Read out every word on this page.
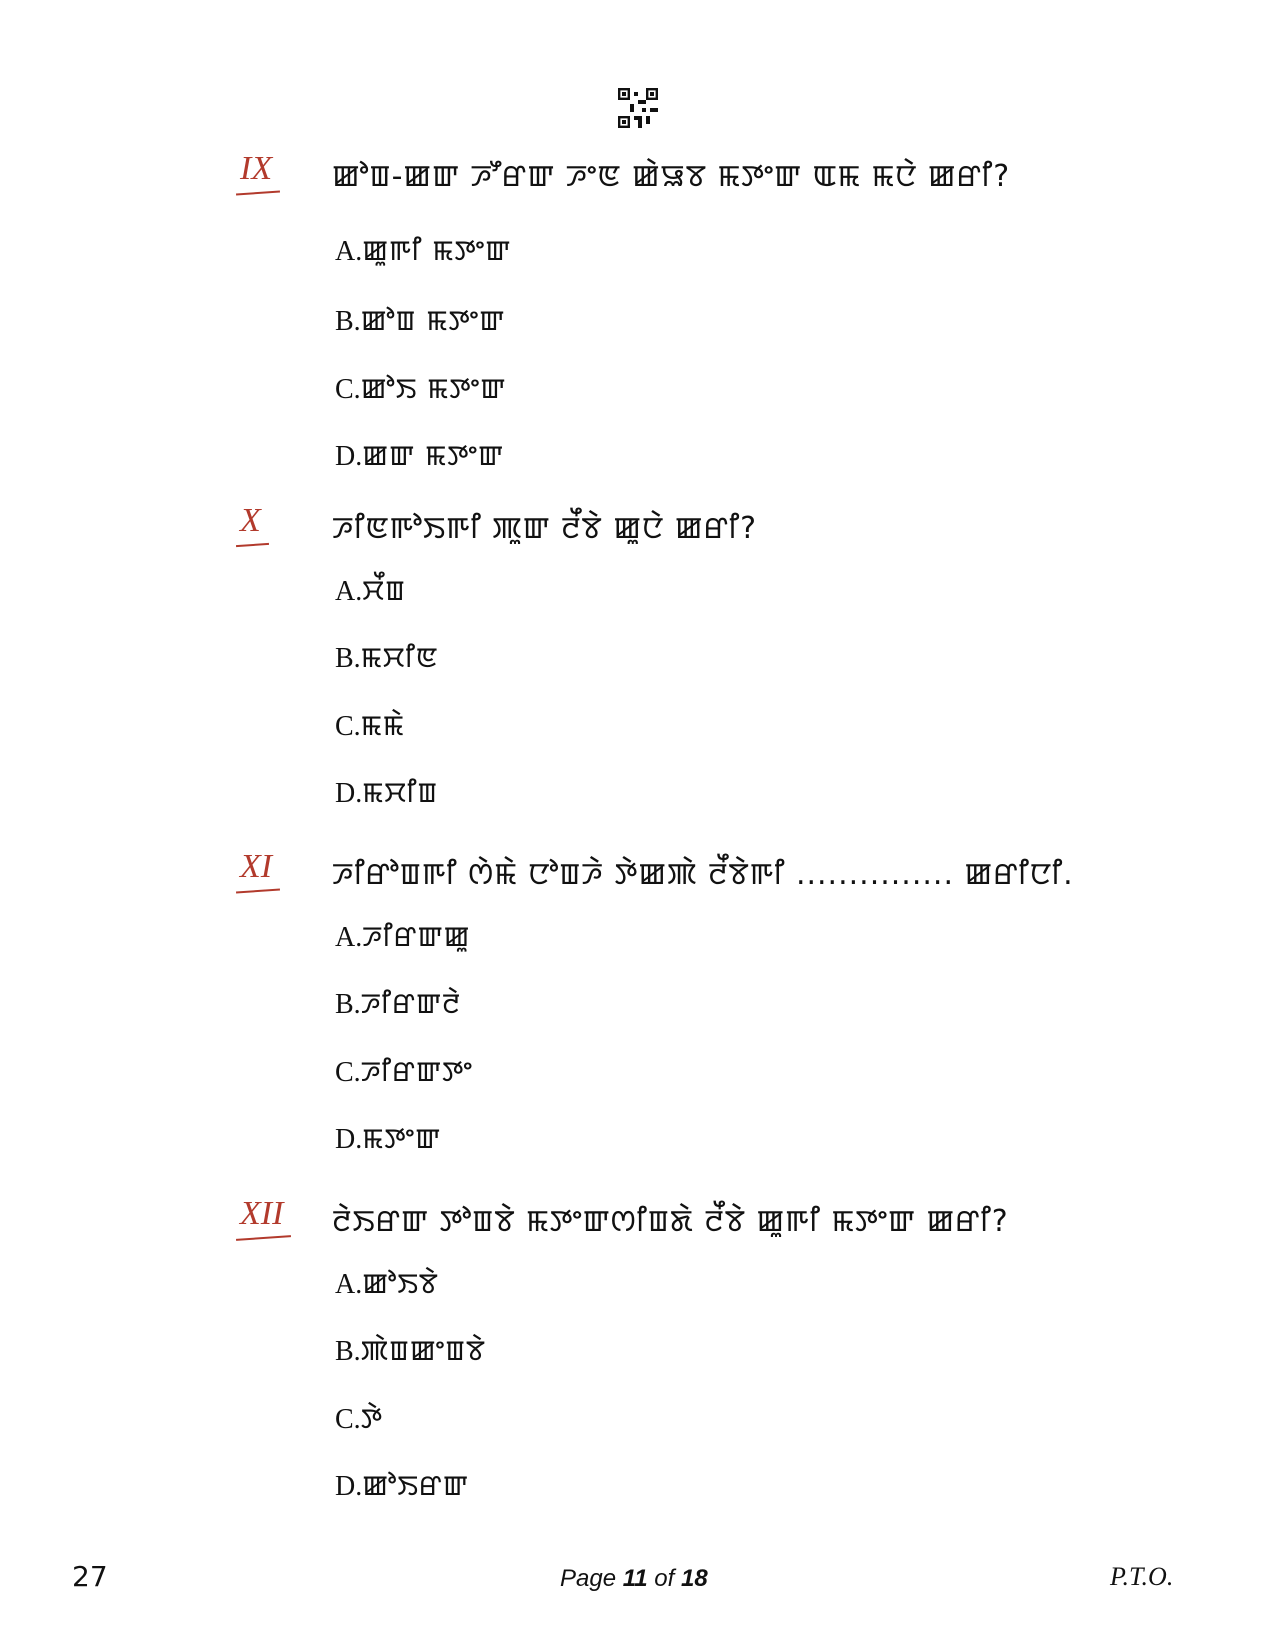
IX ꯀꯣꯡ-ꯀꯛ ꯍꯧꯔꯛ ꯍꯦꯟ ꯀꯥꯎꯕ ꯃꯇꯦꯛ ꯑꯃ ꯃꯅꯥ ꯀꯔꯤ?
A.ꯀꯨꯒꯤ ꯃꯇꯦꯛ
B.ꯀꯣꯡ ꯃꯇꯦꯛ
C.ꯀꯣꯏ ꯃꯇꯦꯛ
D.ꯀꯛ ꯃꯇꯦꯛ
X ꯍꯤꯟꯒꯣꯏꯒꯤ ꯄꯨꯛ ꯂꯩꯕꯥ ꯀꯨꯅꯥ ꯀꯔꯤ?
A.ꯆꯩꯡ
B.ꯃꯆꯤꯟ
C.ꯃꯃꯥ
D.ꯃꯆꯤꯡ
XI ꯍꯤꯔꯣꯡꯒꯤ ꯁꯥꯃꯥ ꯅꯣꯡꯍꯥ ꯇꯥꯀꯄꯥ ꯂꯩꯕꯥꯒꯤ ............... ꯀꯔꯤꯅꯤ.
A.ꯍꯤꯔꯛꯀꯨ
B.ꯍꯤꯔꯛꯂꯥ
C.ꯍꯤꯔꯛꯇꯦ
D.ꯃꯇꯦꯛ
XII ꯂꯥꯏꯔꯛ ꯇꯣꯡꯕꯥ ꯃꯇꯦꯛꯁꯤꯡꯗꯥ ꯂꯩꯕꯥ ꯀꯨꯒꯤ ꯃꯇꯦꯛ ꯀꯔꯤ?
A.ꯀꯣꯏꯕꯥ
B.ꯄꯥꯡꯀꯦꯡꯕꯥ
C.ꯇꯥ
D.ꯀꯣꯏꯔꯛ
27	Page 11 of 18	P.T.O.
